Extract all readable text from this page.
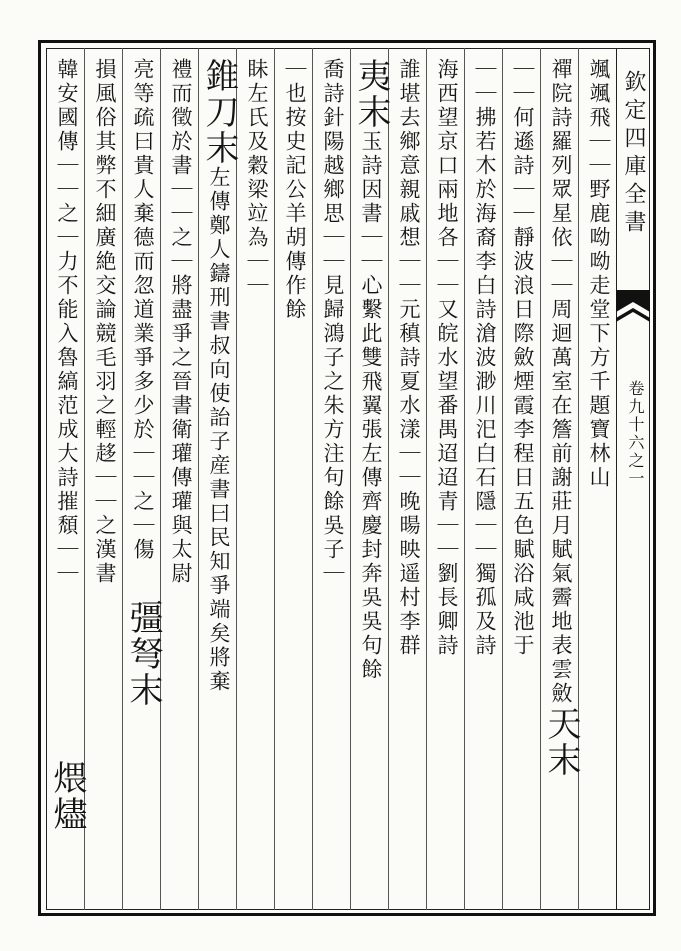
欽定四庫全書
卷九十六之一
颯颯飛｜｜野鹿呦呦走堂下方千題寶林山
禪院詩羅列眾星依｜｜周迴萬室在簷前謝莊月賦氣霽地表雲斂天末
｜｜何遜詩｜｜靜波浪日際斂煙霞李程日五色賦浴咸池于
｜｜拂若木於海裔李白詩滄波渺川汜白石隱｜｜獨孤及詩
海西望京口兩地各｜｜又皖水望番禺迢迢青｜｜劉長卿詩
誰堪去鄉意親戚想｜｜元稹詩夏水漾｜｜晚暘映遥村李群
夷末玉詩因書｜｜心繫此雙飛翼張左傳齊慶封奔吳吳句餘
喬詩針陽越鄉思｜｜見歸鴻子之朱方注句餘吳子｜
｜也按史記公羊胡傳作餘
眛左氏及穀梁竝為｜｜
錐刀末左傳鄭人鑄刑書叔向使詒子産書曰民知爭端矣將棄
禮而徵於書｜｜之｜將盡爭之晉書衛瓘傳瓘與太尉
亮等疏曰貴人棄德而忽道業爭多少於｜｜之｜傷
彊弩末
損風俗其弊不細廣絶交論競毛羽之輕趍｜｜之漢書
韓安國傳｜｜之｜力不能入魯縞范成大詩摧頹｜｜
煨燼
